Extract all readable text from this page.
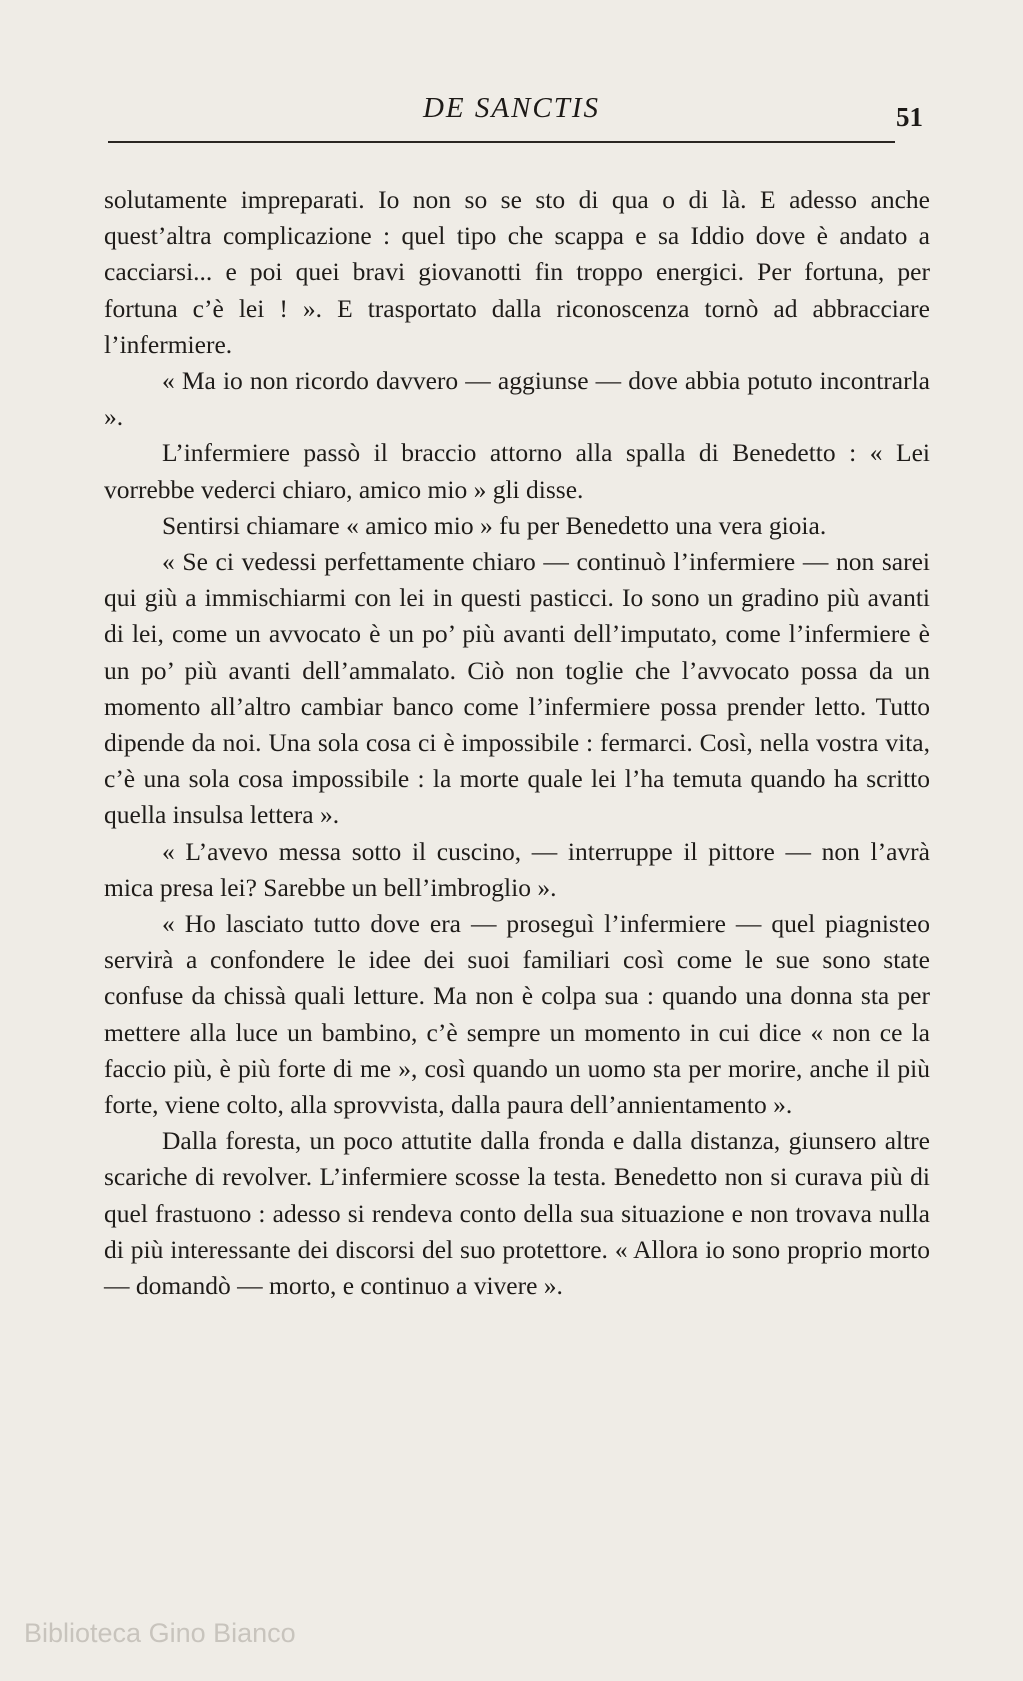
DE SANCTIS	51

solutamente impreparati. Io non so se sto di qua o di là. E adesso anche quest’altra complicazione : quel tipo che scappa e sa Iddio dove è andato a cacciarsi... e poi quei bravi giovanotti fin troppo energici. Per fortuna, per fortuna c’è lei ! ». E trasportato dalla riconoscenza tornò ad abbracciare l’infermiere.

« Ma io non ricordo davvero — aggiunse — dove abbia potuto incontrarla ».

L’infermiere passò il braccio attorno alla spalla di Benedetto : « Lei vorrebbe vederci chiaro, amico mio » gli disse.

Sentirsi chiamare « amico mio » fu per Benedetto una vera gioia.

« Se ci vedessi perfettamente chiaro — continuò l’infermiere — non sarei qui giù a immischiarmi con lei in questi pasticci. Io sono un gradino più avanti di lei, come un avvocato è un po’ più avanti dell’imputato, come l’infermiere è un po’ più avanti dell’ammalato. Ciò non toglie che l’avvocato possa da un momento all’altro cambiar banco come l’infermiere possa prender letto. Tutto dipende da noi. Una sola cosa ci è impossibile : fermarci. Così, nella vostra vita, c’è una sola cosa impossibile : la morte quale lei l’ha temuta quando ha scritto quella insulsa lettera ».

« L’avevo messa sotto il cuscino, — interruppe il pittore — non l’avrà mica presa lei? Sarebbe un bell’imbroglio ».

« Ho lasciato tutto dove era — proseguì l’infermiere — quel piagnisteo servirà a confondere le idee dei suoi familiari così come le sue sono state confuse da chissà quali letture. Ma non è colpa sua : quando una donna sta per mettere alla luce un bambino, c’è sempre un momento in cui dice « non ce la faccio più, è più forte di me », così quando un uomo sta per morire, anche il più forte, viene colto, alla sprovvista, dalla paura dell’annientamento ».

Dalla foresta, un poco attutite dalla fronda e dalla distanza, giunsero altre scariche di revolver. L’infermiere scosse la testa. Benedetto non si curava più di quel frastuono : adesso si rendeva conto della sua situazione e non trovava nulla di più interessante dei discorsi del suo protettore. « Allora io sono proprio morto — domandò — morto, e continuo a vivere ».

Biblioteca Gino Bianco
